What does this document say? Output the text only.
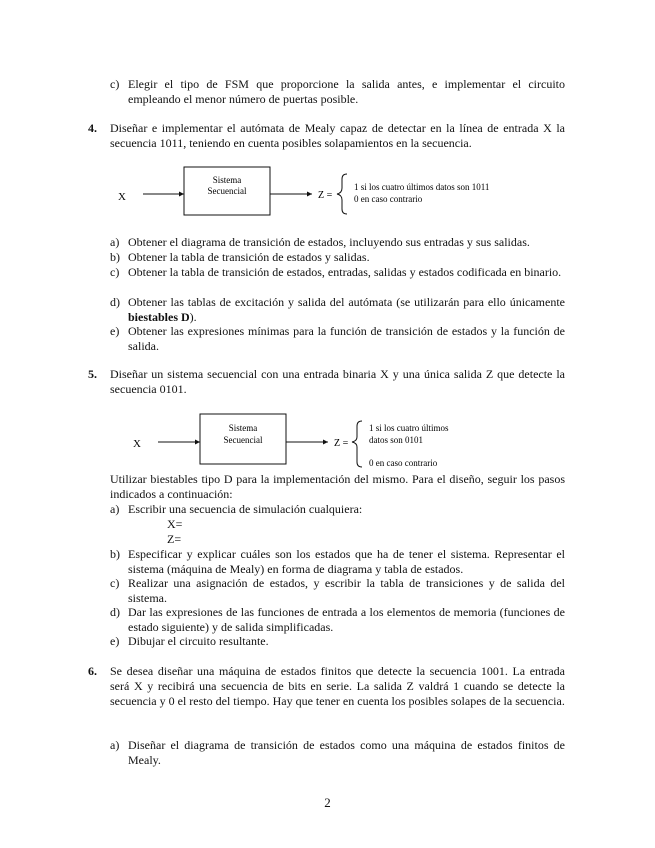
c) Elegir el tipo de FSM que proporcione la salida antes, e implementar el circuito empleando el menor número de puertas posible.
4. Diseñar e implementar el autómata de Mealy capaz de detectar en la línea de entrada X la secuencia 1011, teniendo en cuenta posibles solapamientos en la secuencia.
X
Sistema
Secuencial	Z =
1 si los cuatro últimos datos son 1011
0 en caso contrario
a) Obtener el diagrama de transición de estados, incluyendo sus entradas y sus salidas.
b) Obtener la tabla de transición de estados y salidas.
c) Obtener la tabla de transición de estados, entradas, salidas y estados codificada en binario.
d) Obtener las tablas de excitación y salida del autómata (se utilizarán para ello únicamente biestables D).
e) Obtener las expresiones mínimas para la función de transición de estados y la función de salida.
5. Diseñar un sistema secuencial con una entrada binaria X y una única salida Z que detecte la secuencia 0101.
X
Sistema
Secuencial	Z =
1 si los cuatro últimos
datos son 0101
0 en caso contrario
Utilizar biestables tipo D para la implementación del mismo. Para el diseño, seguir los pasos indicados a continuación:
a) Escribir una secuencia de simulación cualquiera:
X=
Z=
b) Especificar y explicar cuáles son los estados que ha de tener el sistema. Representar el sistema (máquina de Mealy) en forma de diagrama y tabla de estados.
c) Realizar una asignación de estados, y escribir la tabla de transiciones y de salida del sistema.
d) Dar las expresiones de las funciones de entrada a los elementos de memoria (funciones de estado siguiente) y de salida simplificadas.
e) Dibujar el circuito resultante.
6. Se desea diseñar una máquina de estados finitos que detecte la secuencia 1001. La entrada será X y recibirá una secuencia de bits en serie. La salida Z valdrá 1 cuando se detecte la secuencia y 0 el resto del tiempo. Hay que tener en cuenta los posibles solapes de la secuencia.
a) Diseñar el diagrama de transición de estados como una máquina de estados finitos de Mealy.
2
